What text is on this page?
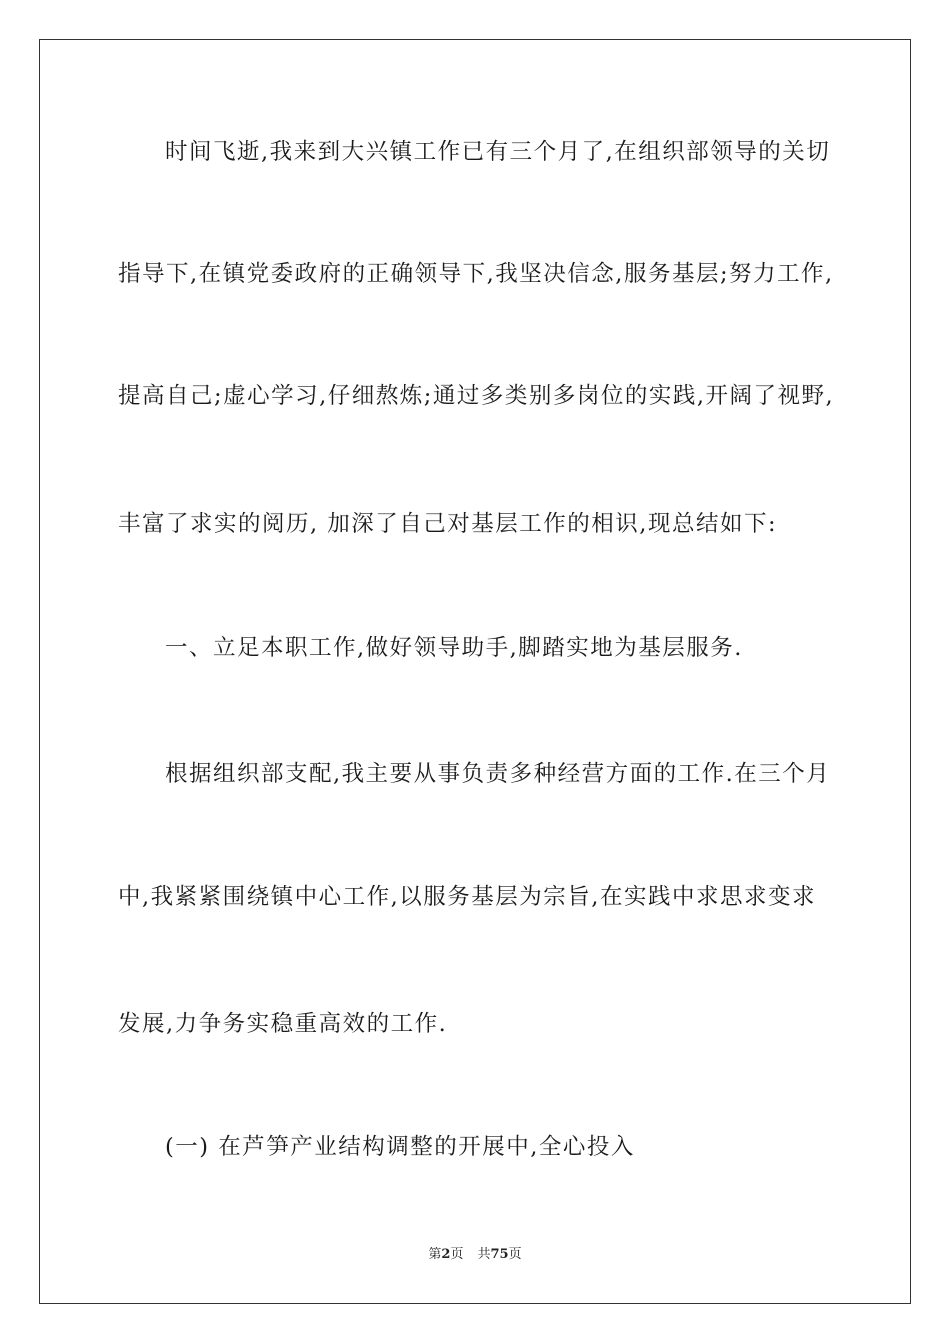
时间飞逝,我来到大兴镇工作已有三个月了,在组织部领导的关切
指导下,在镇党委政府的正确领导下,我坚决信念,服务基层;努力工作,
提高自己;虚心学习,仔细熬炼;通过多类别多岗位的实践,开阔了视野,
丰富了求实的阅历, 加深了自己对基层工作的相识,现总结如下:
一、立足本职工作,做好领导助手,脚踏实地为基层服务.
根据组织部支配,我主要从事负责多种经营方面的工作.在三个月
中,我紧紧围绕镇中心工作,以服务基层为宗旨,在实践中求思求变求
发展,力争务实稳重高效的工作.
(一) 在芦笋产业结构调整的开展中,全心投入
第2页 共75页
